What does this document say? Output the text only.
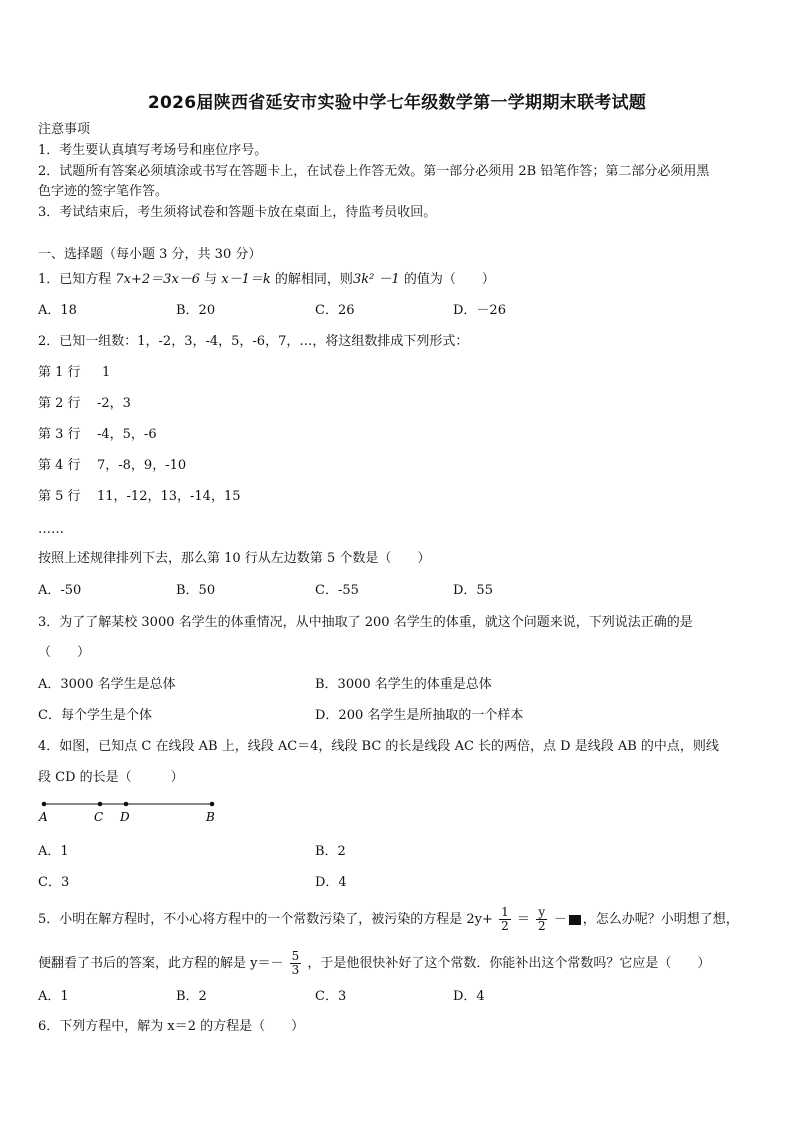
2026届陕西省延安市实验中学七年级数学第一学期期末联考试题
注意事项
1．考生要认真填写考场号和座位序号。
2．试题所有答案必须填涂或书写在答题卡上，在试卷上作答无效。第一部分必须用 2B 铅笔作答；第二部分必须用黑
色字迹的签字笔作答。
3．考试结束后，考生须将试卷和答题卡放在桌面上，待监考员收回。
一、选择题（每小题 3 分，共 30 分）
1．已知方程 7x+2＝3x－6 与 x－1＝k 的解相同，则3k² －1 的值为（　　）
A．18	B．20	C．26	D．－26
2．已知一组数：1，-2，3，-4，5，-6，7，…，将这组数排成下列形式：
第 1 行 1
第 2 行 -2，3
第 3 行 -4，5，-6
第 4 行 7，-8，9，-10
第 5 行 11，-12，13，-14，15
……
按照上述规律排列下去，那么第 10 行从左边数第 5 个数是（　　）
A．-50	B．50	C．-55	D．55
3．为了了解某校 3000 名学生的体重情况，从中抽取了 200 名学生的体重，就这个问题来说，下列说法正确的是
（　　）
A．3000 名学生是总体	B．3000 名学生的体重是总体
C．每个学生是个体	D．200 名学生是所抽取的一个样本
4．如图，已知点 C 在线段 AB 上，线段 AC＝4，线段 BC 的长是线段 AC 长的两倍，点 D 是线段 AB 的中点，则线
段 CD 的长是（　　　）
A	C D	B
A．1	B．2
C．3	D．4
5．小明在解方程时，不小心将方程中的一个常数污染了，被污染的方程是 $2y+ \frac{1}{2} = \frac{y}{2}$ － ，怎么办呢？小明想了想，
便翻看了书后的答案，此方程的解是 $y=- \frac{5}{3}$ ，于是他很快补好了这个常数．你能补出这个常数吗？它应是（　　）
A．1	B．2	C．3	D．4
6．下列方程中，解为 x＝2 的方程是（　　）
